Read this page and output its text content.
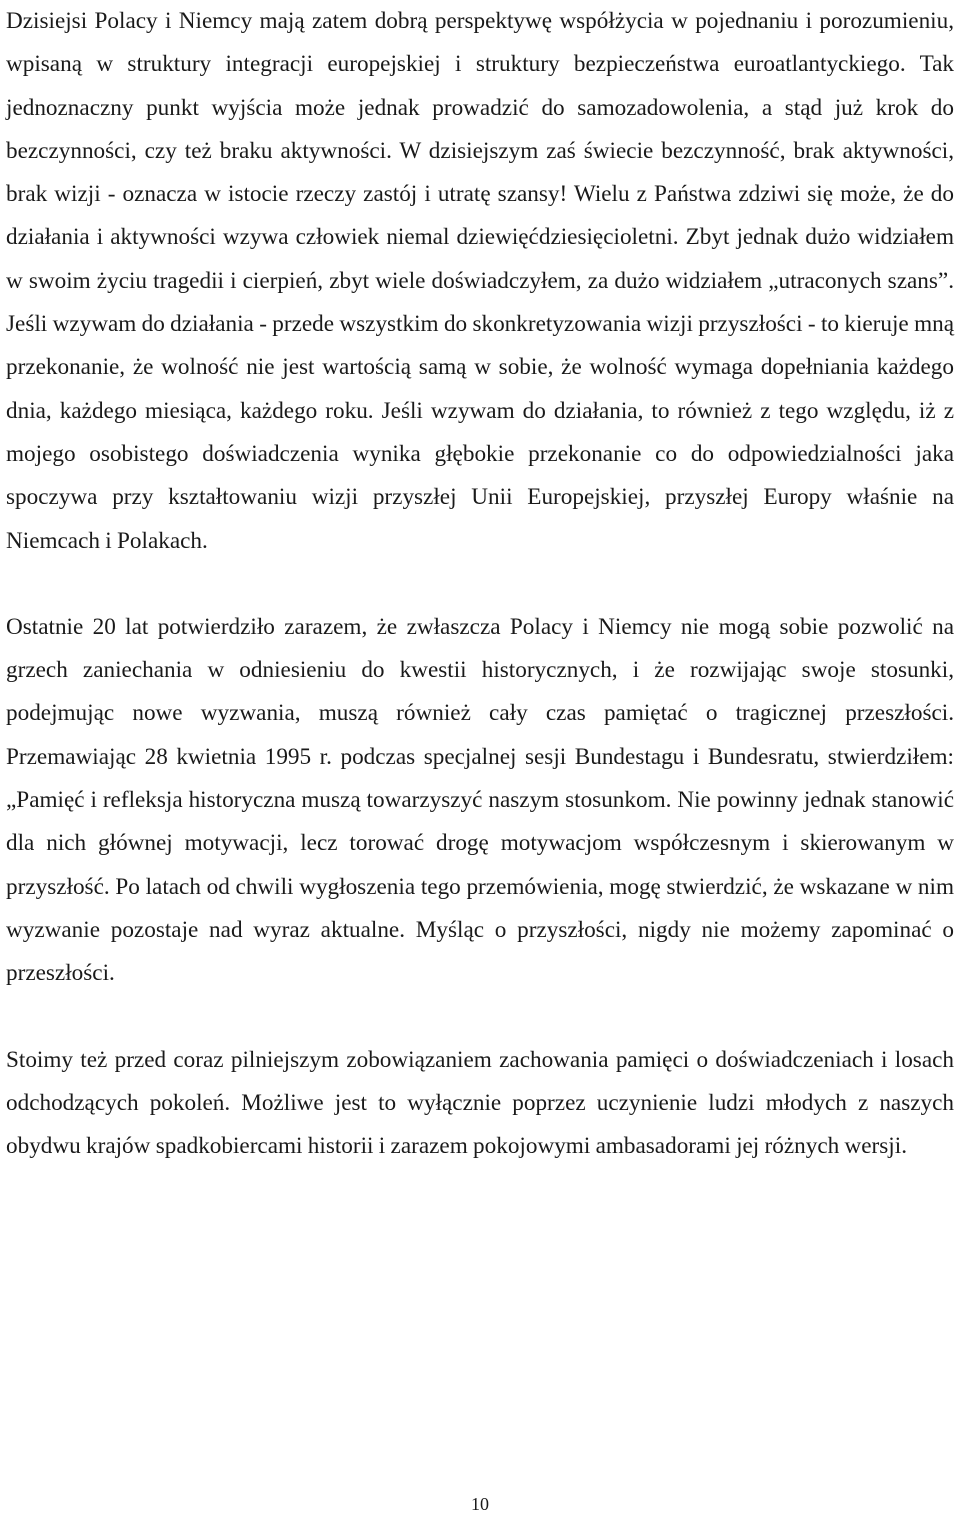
Dzisiejsi Polacy i Niemcy mają zatem dobrą perspektywę współżycia w pojednaniu i porozumieniu, wpisaną w struktury integracji europejskiej i struktury bezpieczeństwa euroatlantyckiego. Tak jednoznaczny punkt wyjścia może jednak prowadzić do samozadowolenia, a stąd już krok do bezczynności, czy też braku aktywności. W dzisiejszym zaś świecie bezczynność, brak aktywności, brak wizji - oznacza w istocie rzeczy zastój i utratę szansy! Wielu z Państwa zdziwi się może, że do działania i aktywności wzywa człowiek niemal dziewięćdziesięcioletni. Zbyt jednak dużo widziałem w swoim życiu tragedii i cierpień, zbyt wiele doświadczyłem, za dużo widziałem „utraconych szans”. Jeśli wzywam do działania - przede wszystkim do skonkretyzowania wizji przyszłości - to kieruje mną przekonanie, że wolność nie jest wartością samą w sobie, że wolność wymaga dopełniania każdego dnia, każdego miesiąca, każdego roku. Jeśli wzywam do działania, to również z tego względu, iż z mojego osobistego doświadczenia wynika głębokie przekonanie co do odpowiedzialności jaka spoczywa przy kształtowaniu wizji przyszłej Unii Europejskiej, przyszłej Europy właśnie na Niemcach i Polakach.

Ostatnie 20 lat potwierdziło zarazem, że zwłaszcza Polacy i Niemcy nie mogą sobie pozwolić na grzech zaniechania w odniesieniu do kwestii historycznych, i że rozwijając swoje stosunki, podejmując nowe wyzwania, muszą również cały czas pamiętać o tragicznej przeszłości. Przemawiając 28 kwietnia 1995 r. podczas specjalnej sesji Bundestagu i Bundesratu, stwierdziłem: „Pamięć i refleksja historyczna muszą towarzyszyć naszym stosunkom. Nie powinny jednak stanowić dla nich głównej motywacji, lecz torować drogę motywacjom współczesnym i skierowanym w przyszłość. Po latach od chwili wygłoszenia tego przemówienia, mogę stwierdzić, że wskazane w nim wyzwanie pozostaje nad wyraz aktualne. Myśląc o przyszłości, nigdy nie możemy zapominać o przeszłości.

Stoimy też przed coraz pilniejszym zobowiązaniem zachowania pamięci o doświadczeniach i losach odchodzących pokoleń. Możliwe jest to wyłącznie poprzez uczynienie ludzi młodych z naszych obydwu krajów spadkobiercami historii i zarazem pokojowymi ambasadorami jej różnych wersji.

10
